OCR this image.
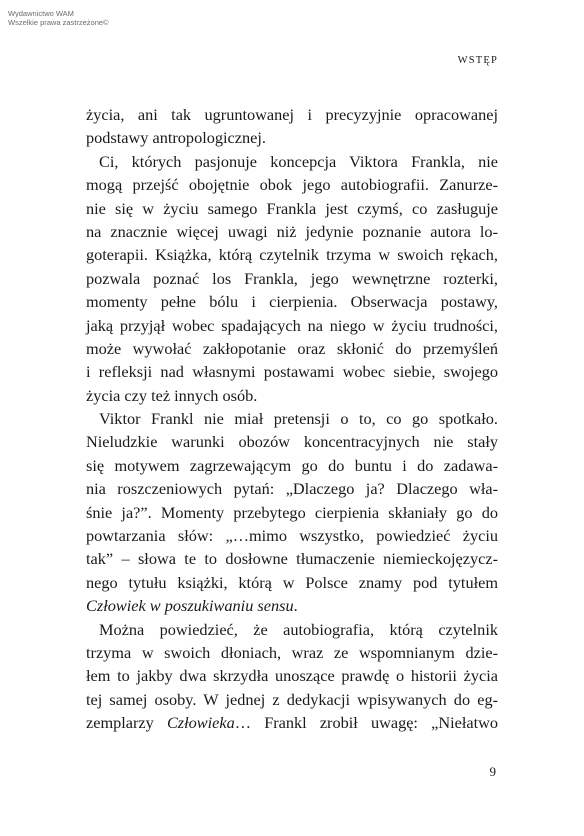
Wydawnictwo WAM
Wszelkie prawa zastrzeżone©
WSTĘP
życia, ani tak ugruntowanej i precyzyjnie opracowanej
podstawy antropologicznej.
Ci, których pasjonuje koncepcja Viktora Frankla, nie
mogą przejść obojętnie obok jego autobiografii. Zanurze-
nie się w życiu samego Frankla jest czymś, co zasługuje
na znacznie więcej uwagi niż jedynie poznanie autora lo-
goterapii. Książka, którą czytelnik trzyma w swoich rękach,
pozwala poznać los Frankla, jego wewnętrzne rozterki,
momenty pełne bólu i cierpienia. Obserwacja postawy,
jaką przyjął wobec spadających na niego w życiu trudności,
może wywołać zakłopotanie oraz skłonić do przemyśleń
i refleksji nad własnymi postawami wobec siebie, swojego
życia czy też innych osób.
Viktor Frankl nie miał pretensji o to, co go spotkało.
Nieludzkie warunki obozów koncentracyjnych nie stały
się motywem zagrzewającym go do buntu i do zadawa-
nia roszczeniowych pytań: „Dlaczego ja? Dlaczego wła-
śnie ja?”. Momenty przebytego cierpienia skłaniały go do
powtarzania słów: „…mimo wszystko, powiedzieć życiu
tak” – słowa te to dosłowne tłumaczenie niemieckojęzycz-
nego tytułu książki, którą w Polsce znamy pod tytułem
Człowiek w poszukiwaniu sensu.
Można powiedzieć, że autobiografia, którą czytelnik
trzyma w swoich dłoniach, wraz ze wspomnianym dzie-
łem to jakby dwa skrzydła unoszące prawdę o historii życia
tej samej osoby. W jednej z dedykacji wpisywanych do eg-
zemplarzy Człowieka… Frankl zrobił uwagę: „Niełatwo
9
